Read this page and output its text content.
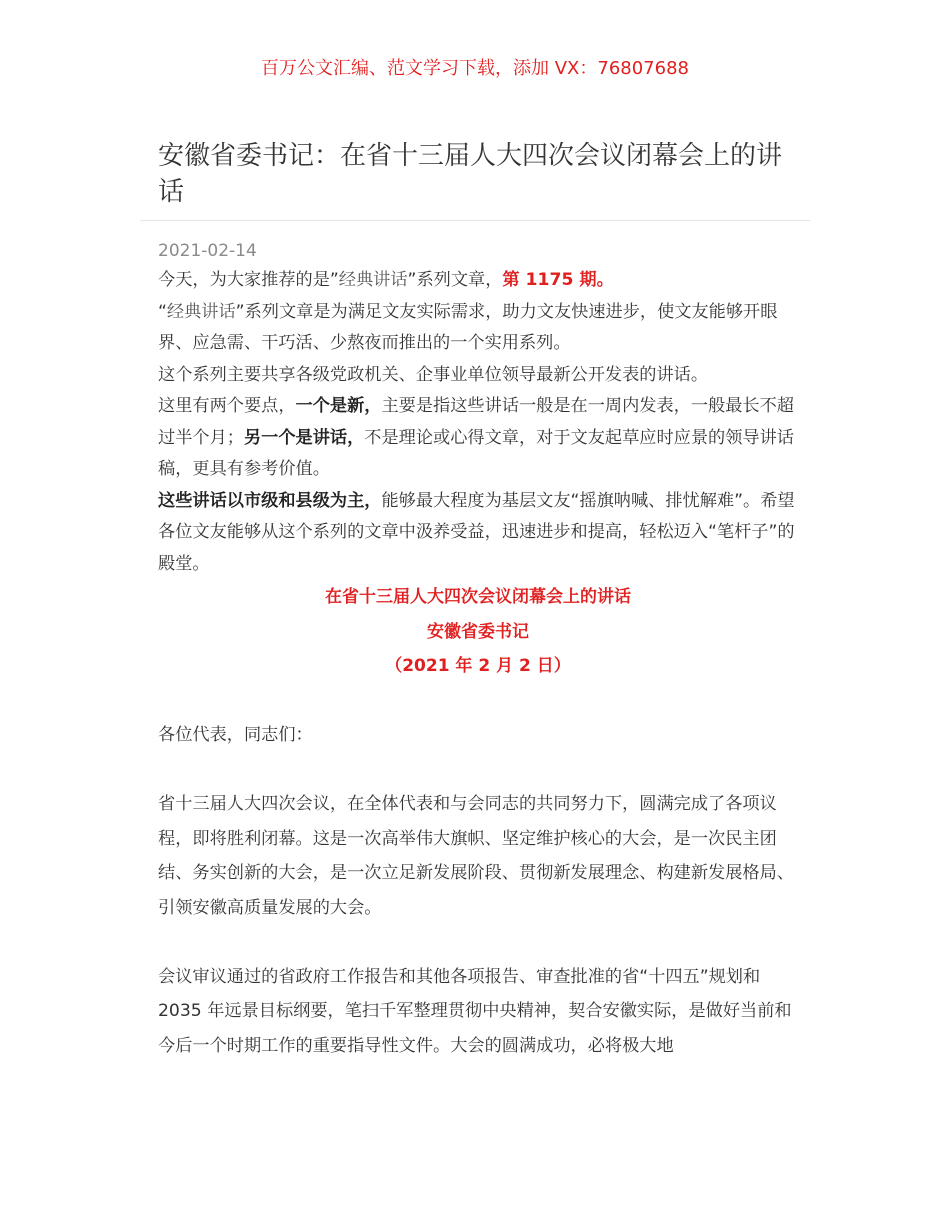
百万公文汇编、范文学习下载，添加 VX：76807688
安徽省委书记：在省十三届人大四次会议闭幕会上的讲话
2021-02-14

今天，为大家推荐的是”经典讲话”系列文章，第 1175 期。

“经典讲话”系列文章是为满足文友实际需求，助力文友快速进步，使文友能够开眼界、应急需、干巧活、少熬夜而推出的一个实用系列。

这个系列主要共享各级党政机关、企事业单位领导最新公开发表的讲话。

这里有两个要点，一个是新，主要是指这些讲话一般是在一周内发表，一般最长不超过半个月；另一个是讲话，不是理论或心得文章，对于文友起草应时应景的领导讲话稿，更具有参考价值。

这些讲话以市级和县级为主，能够最大程度为基层文友“摇旗呐喊、排忧解难”。希望各位文友能够从这个系列的文章中汲养受益，迅速进步和提高，轻松迈入“笔杆子”的殿堂。

在省十三届人大四次会议闭幕会上的讲话
安徽省委书记
（2021 年 2 月 2 日）

各位代表，同志们：

省十三届人大四次会议，在全体代表和与会同志的共同努力下，圆满完成了各项议程，即将胜利闭幕。这是一次高举伟大旗帜、坚定维护核心的大会，是一次民主团结、务实创新的大会，是一次立足新发展阶段、贯彻新发展理念、构建新发展格局、引领安徽高质量发展的大会。

会议审议通过的省政府工作报告和其他各项报告、审查批准的省“十四五”规划和 2035 年远景目标纲要，笔扫千军整理贯彻中央精神，契合安徽实际，是做好当前和今后一个时期工作的重要指导性文件。大会的圆满成功，必将极大地
